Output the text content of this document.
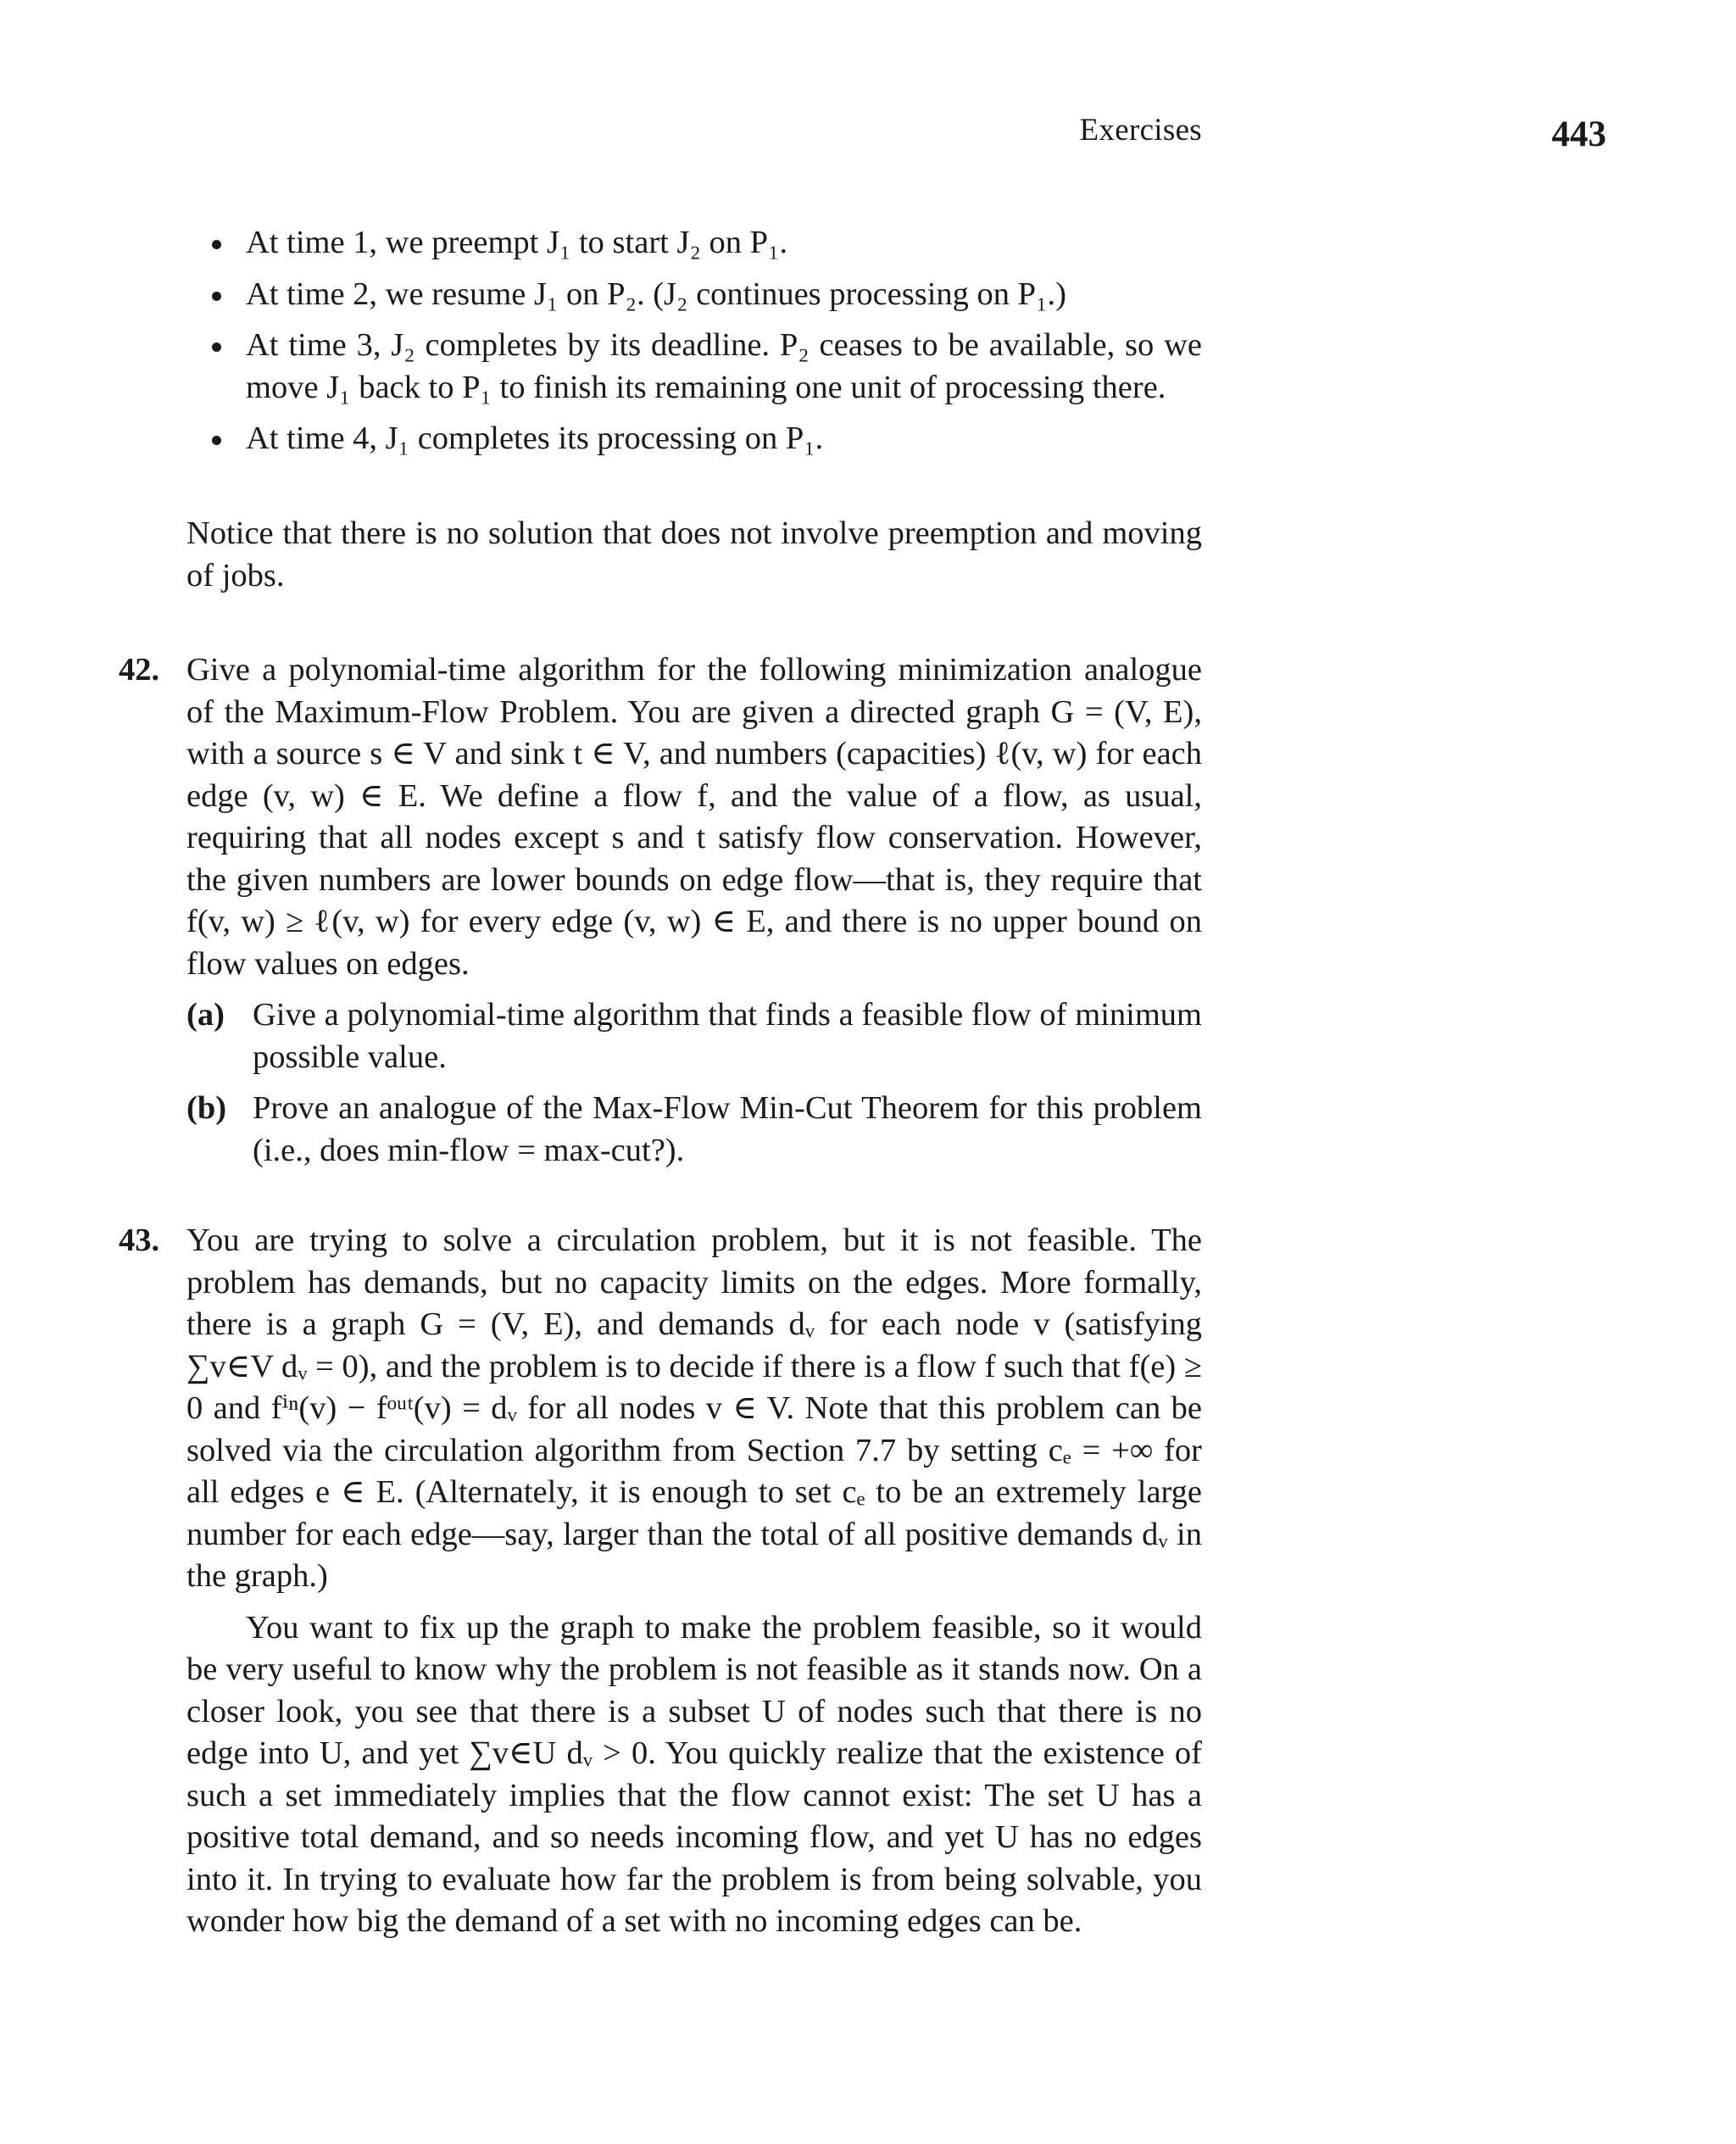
Exercises	443
At time 1, we preempt J₁ to start J₂ on P₁.
At time 2, we resume J₁ on P₂. (J₂ continues processing on P₁.)
At time 3, J₂ completes by its deadline. P₂ ceases to be available, so we move J₁ back to P₁ to finish its remaining one unit of processing there.
At time 4, J₁ completes its processing on P₁.

Notice that there is no solution that does not involve preemption and moving of jobs.

42. Give a polynomial-time algorithm for the following minimization analogue of the Maximum-Flow Problem. You are given a directed graph G = (V, E), with a source s ∈ V and sink t ∈ V, and numbers (capacities) ℓ(v, w) for each edge (v, w) ∈ E. We define a flow f, and the value of a flow, as usual, requiring that all nodes except s and t satisfy flow conservation. However, the given numbers are lower bounds on edge flow—that is, they require that f(v, w) ≥ ℓ(v, w) for every edge (v, w) ∈ E, and there is no upper bound on flow values on edges.

(a) Give a polynomial-time algorithm that finds a feasible flow of minimum possible value.
(b) Prove an analogue of the Max-Flow Min-Cut Theorem for this problem (i.e., does min-flow = max-cut?).
43. You are trying to solve a circulation problem, but it is not feasible. The problem has demands, but no capacity limits on the edges. More formally, there is a graph G = (V, E), and demands dᵥ for each node v (satisfying ∑v∈V dᵥ = 0), and the problem is to decide if there is a flow f such that f(e) ≥ 0 and fⁱⁿ(v) − fᵒᵘᵗ(v) = dᵥ for all nodes v ∈ V. Note that this problem can be solved via the circulation algorithm from Section 7.7 by setting cₑ = +∞ for all edges e ∈ E. (Alternately, it is enough to set cₑ to be an extremely large number for each edge—say, larger than the total of all positive demands dᵥ in the graph.)

You want to fix up the graph to make the problem feasible, so it would be very useful to know why the problem is not feasible as it stands now. On a closer look, you see that there is a subset U of nodes such that there is no edge into U, and yet ∑v∈U dᵥ > 0. You quickly realize that the existence of such a set immediately implies that the flow cannot exist: The set U has a positive total demand, and so needs incoming flow, and yet U has no edges into it. In trying to evaluate how far the problem is from being solvable, you wonder how big the demand of a set with no incoming edges can be.
